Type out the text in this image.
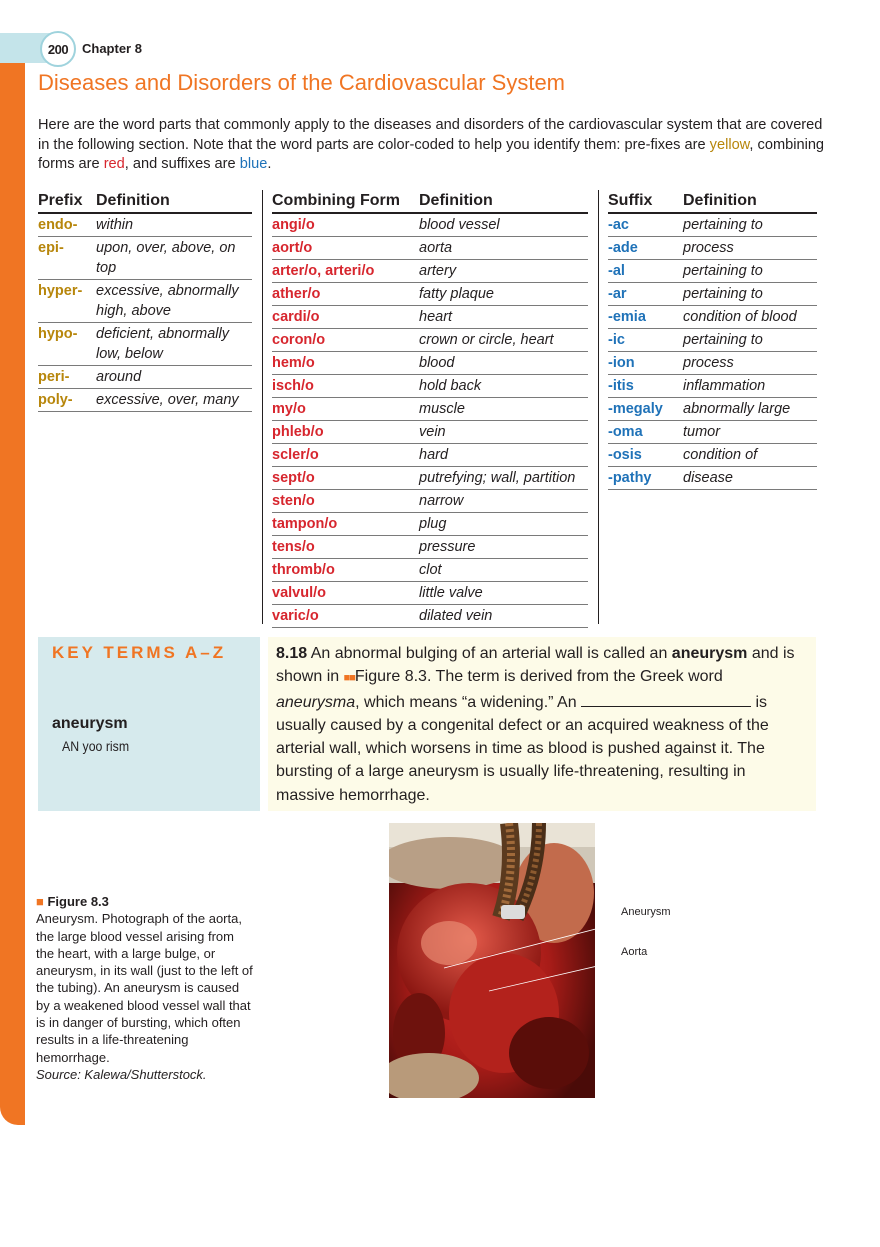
200	Chapter 8
Diseases and Disorders of the Cardiovascular System

Here are the word parts that commonly apply to the diseases and disorders of the cardiovascular system that are covered in the following section. Note that the word parts are color-coded to help you identify them: pre-fixes are yellow, combining forms are red, and suffixes are blue.

Prefix Definition
endo-	within
epi-	upon, over, above, on top
hyper- excessive, abnormally high, above
hypo-	deficient, abnormally low, below
peri-	around
poly-	excessive, over, many
Combining Form	Definition
angi/o	blood vessel
aort/o	aorta
arter/o, arteri/o	artery
ather/o	fatty plaque
cardi/o	heart
coron/o	crown or circle, heart
hem/o	blood
isch/o	hold back
my/o	muscle
phleb/o	vein
scler/o	hard
sept/o	putrefying; wall, partition
sten/o	narrow
tampon/o	plug
tens/o	pressure
thromb/o	clot
valvul/o	little valve
varic/o	dilated vein
Suffix	Definition
-ac	pertaining to
-ade	process
-al	pertaining to
-ar	pertaining to
-emia	condition of blood
-ic	pertaining to
-ion	process
-itis	inflammation
-megaly	abnormally large
-oma	tumor
-osis	condition of
-pathy	disease
KEY TERMS A–Z
aneurysm
AN yoo rism

8.18 An abnormal bulging of an arterial wall is called an aneurysm and is shown in ■■Figure 8.3. The term is derived from the Greek word aneurysma, which means “a widening.” An	is usually caused by a congenital defect or an acquired weakness of the arterial wall, which worsens in time as blood is pushed against it. The bursting of a large aneurysm is usually life-threatening, resulting in massive hemorrhage.

■ Figure 8.3
Aneurysm. Photograph of the aorta, the large blood vessel arising from the heart, with a large bulge, or aneurysm, in its wall (just to the left of the tubing). An aneurysm is caused by a weakened blood vessel wall that is in danger of bursting, which often results in a life-threatening hemorrhage.
Source: Kalewa/Shutterstock.
Aneurysm
Aorta
